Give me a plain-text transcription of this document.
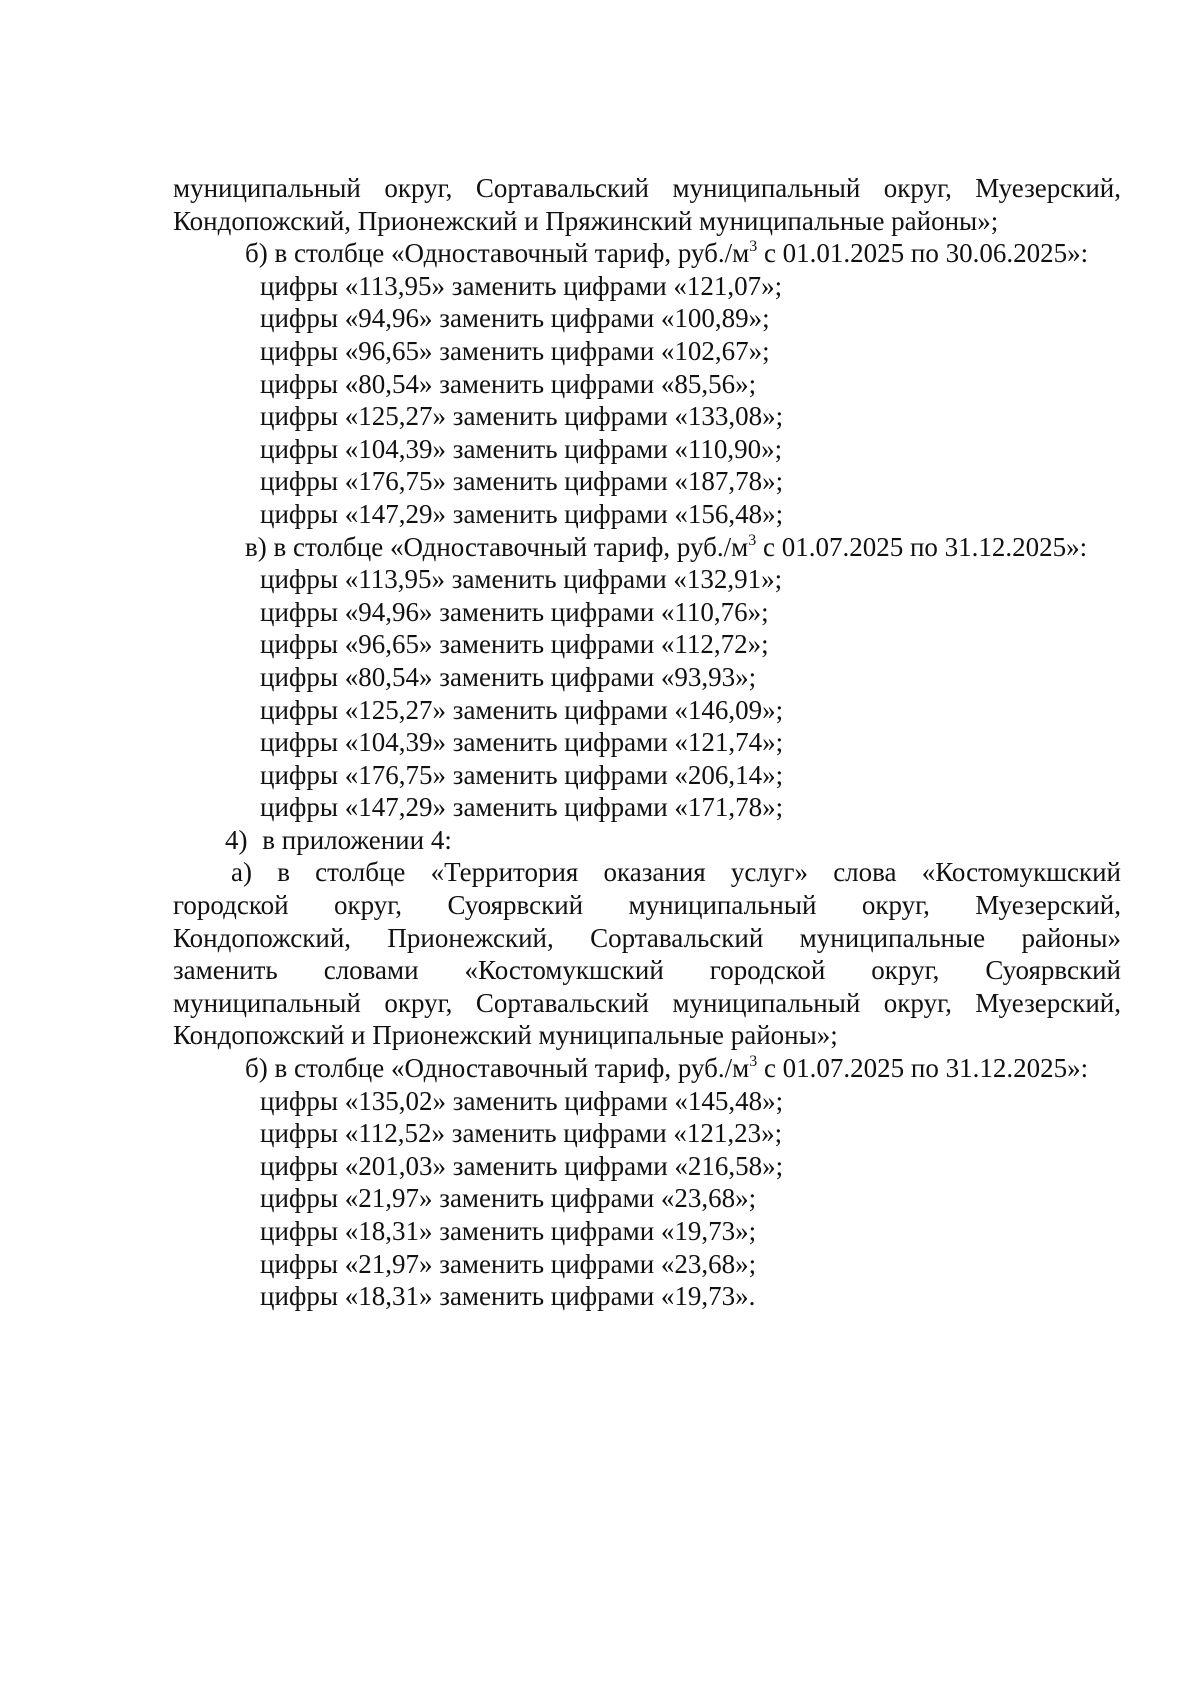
муниципальный округ, Сортавальский муниципальный округ, Муезерский,
Кондопожский, Прионежский и Пряжинский муниципальные районы»;
б) в столбце «Одноставочный тариф, $руб./м^3$ с 01.01.2025 по 30.06.2025»:
цифры «113,95» заменить цифрами «121,07»;
цифры «94,96» заменить цифрами «100,89»;
цифры «96,65» заменить цифрами «102,67»;
цифры «80,54» заменить цифрами «85,56»;
цифры «125,27» заменить цифрами «133,08»;
цифры «104,39» заменить цифрами «110,90»;
цифры «176,75» заменить цифрами «187,78»;
цифры «147,29» заменить цифрами «156,48»;
в) в столбце «Одноставочный тариф, $руб./м^3$ с 01.07.2025 по 31.12.2025»:
цифры «113,95» заменить цифрами «132,91»;
цифры «94,96» заменить цифрами «110,76»;
цифры «96,65» заменить цифрами «112,72»;
цифры «80,54» заменить цифрами «93,93»;
цифры «125,27» заменить цифрами «146,09»;
цифры «104,39» заменить цифрами «121,74»;
цифры «176,75» заменить цифрами «206,14»;
цифры «147,29» заменить цифрами «171,78»;
4) в приложении 4:
а) в столбце «Территория оказания услуг» слова «Костомукшский
городской округ, Суоярвский муниципальный округ, Муезерский,
Кондопожский, Прионежский, Сортавальский муниципальные районы»
заменить словами «Костомукшский городской округ, Суоярвский
муниципальный округ, Сортавальский муниципальный округ, Муезерский,
Кондопожский и Прионежский муниципальные районы»;
б) в столбце «Одноставочный тариф, $руб./м^3$ с 01.07.2025 по 31.12.2025»:
цифры «135,02» заменить цифрами «145,48»;
цифры «112,52» заменить цифрами «121,23»;
цифры «201,03» заменить цифрами «216,58»;
цифры «21,97» заменить цифрами «23,68»;
цифры «18,31» заменить цифрами «19,73»;
цифры «21,97» заменить цифрами «23,68»;
цифры «18,31» заменить цифрами «19,73».
